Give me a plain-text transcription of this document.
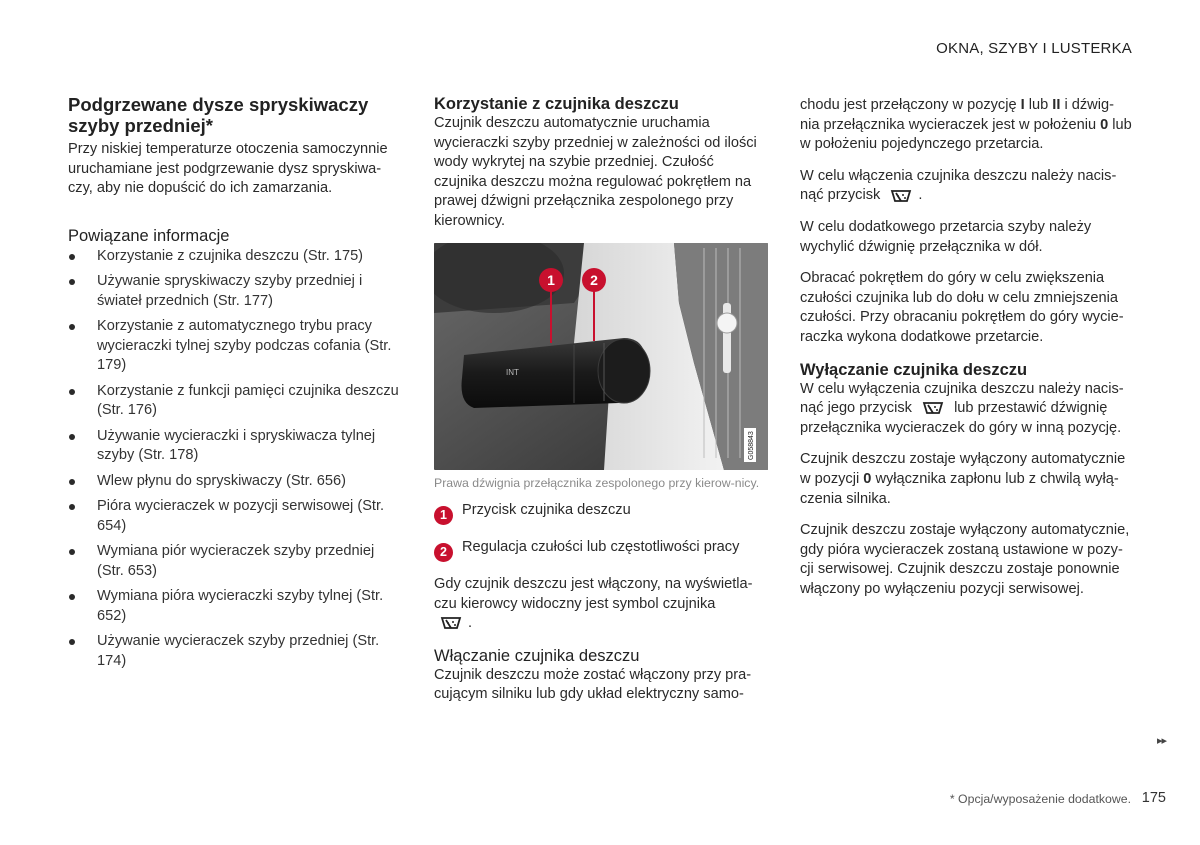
OKNA, SZYBY I LUSTERKA
Podgrzewane dysze spryskiwaczy szyby przedniej*

Przy niskiej temperaturze otoczenia samoczynnie uruchamiane jest podgrzewanie dysz spryskiwa-czy, aby nie dopuścić do ich zamarzania.

Powiązane informacje
Korzystanie z czujnika deszczu (Str. 175)
Używanie spryskiwaczy szyby przedniej i świateł przednich (Str. 177)
Korzystanie z automatycznego trybu pracy wycieraczki tylnej szyby podczas cofania (Str. 179)
Korzystanie z funkcji pamięci czujnika deszczu (Str. 176)
Używanie wycieraczki i spryskiwacza tylnej szyby (Str. 178)
Wlew płynu do spryskiwaczy (Str. 656)
Pióra wycieraczek w pozycji serwisowej (Str. 654)
Wymiana piór wycieraczek szyby przedniej (Str. 653)
Wymiana pióra wycieraczki szyby tylnej (Str. 652)
Używanie wycieraczek szyby przedniej (Str. 174)
Korzystanie z czujnika deszczu

Czujnik deszczu automatycznie uruchamia wycieraczki szyby przedniej w zależności od ilości wody wykrytej na szybie przedniej. Czułość czujnika deszczu można regulować pokrętłem na prawej dźwigni przełącznika zespolonego przy kierownicy.

INT
1	2
G058843
Prawa dźwignia przełącznika zespolonego przy kierow-nicy.
1	Przycisk czujnika deszczu
2	Regulacja czułości lub częstotliwości pracy

Gdy czujnik deszczu jest włączony, na wyświetla-czu kierowcy widoczny jest symbol czujnika
.

Włączanie czujnika deszczu

Czujnik deszczu może zostać włączony przy pra-cującym silniku lub gdy układ elektryczny samo-

chodu jest przełączony w pozycję I lub II i dźwig-nia przełącznika wycieraczek jest w położeniu 0 lub w położeniu pojedynczego przetarcia.

W celu włączenia czujnika deszczu należy nacis-nąć przycisk	.

W celu dodatkowego przetarcia szyby należy wychylić dźwignię przełącznika w dół.

Obracać pokrętłem do góry w celu zwiększenia czułości czujnika lub do dołu w celu zmniejszenia czułości. Przy obracaniu pokrętłem do góry wycie-raczka wykona dodatkowe przetarcie.

Wyłączanie czujnika deszczu

W celu wyłączenia czujnika deszczu należy nacis-nąć jego przycisk	lub przestawić dźwignię przełącznika wycieraczek do góry w inną pozycję.

Czujnik deszczu zostaje wyłączony automatycznie w pozycji 0 wyłącznika zapłonu lub z chwilą wyłą-czenia silnika.

Czujnik deszczu zostaje wyłączony automatycznie, gdy pióra wycieraczek zostaną ustawione w pozy-cji serwisowej. Czujnik deszczu zostaje ponownie włączony po wyłączeniu pozycji serwisowej.

▸▸
* Opcja/wyposażenie dodatkowe. 175
